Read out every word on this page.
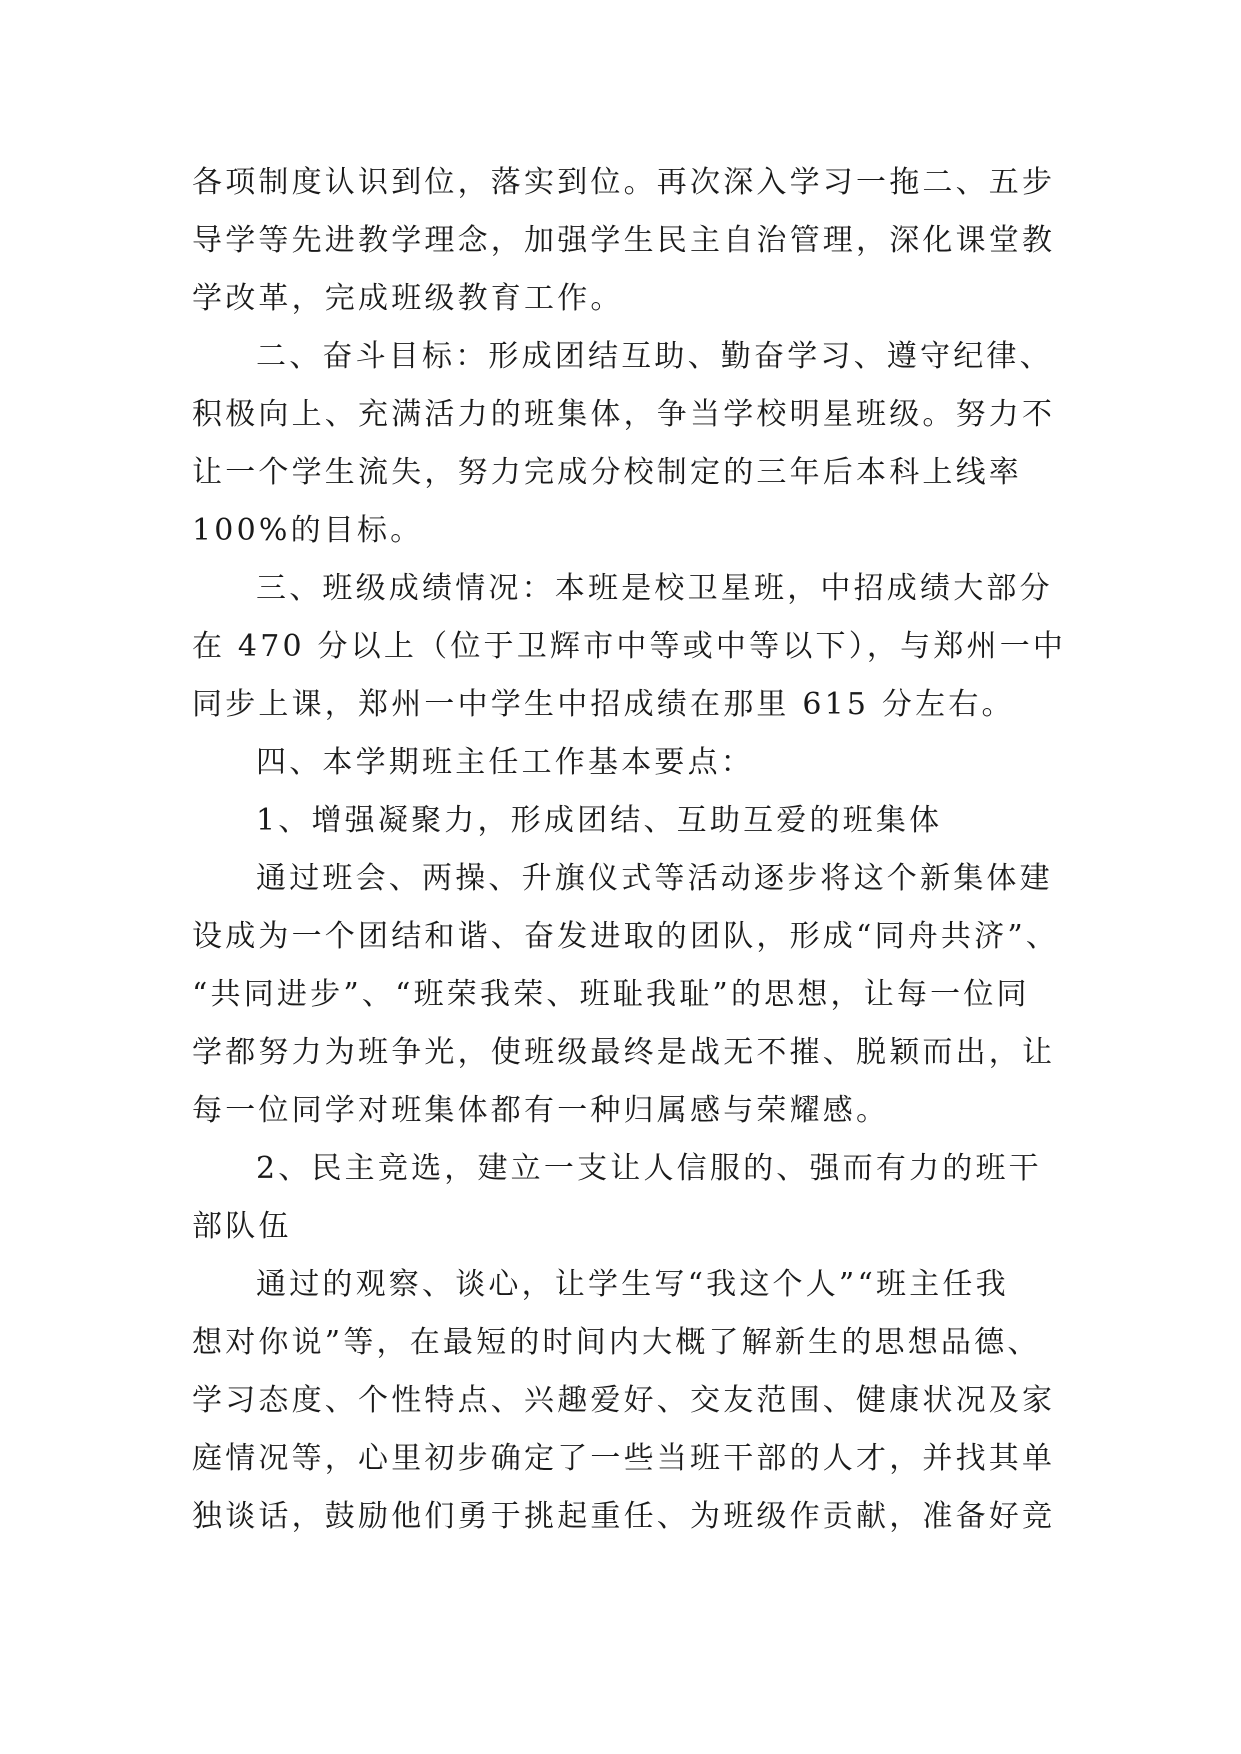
各项制度认识到位，落实到位。再次深入学习一拖二、五步
导学等先进教学理念，加强学生民主自治管理，深化课堂教
学改革，完成班级教育工作。
二、奋斗目标：形成团结互助、勤奋学习、遵守纪律、
积极向上、充满活力的班集体，争当学校明星班级。努力不
让一个学生流失，努力完成分校制定的三年后本科上线率
100%的目标。
三、班级成绩情况：本班是校卫星班，中招成绩大部分
在 470 分以上（位于卫辉市中等或中等以下），与郑州一中
同步上课，郑州一中学生中招成绩在那里 615 分左右。
四、本学期班主任工作基本要点：
1、增强凝聚力，形成团结、互助互爱的班集体
通过班会、两操、升旗仪式等活动逐步将这个新集体建
设成为一个团结和谐、奋发进取的团队，形成“同舟共济”、
“共同进步”、“班荣我荣、班耻我耻”的思想，让每一位同
学都努力为班争光，使班级最终是战无不摧、脱颖而出，让
每一位同学对班集体都有一种归属感与荣耀感。
2、民主竞选，建立一支让人信服的、强而有力的班干
部队伍
通过的观察、谈心，让学生写“我这个人”“班主任我
想对你说”等，在最短的时间内大概了解新生的思想品德、
学习态度、个性特点、兴趣爱好、交友范围、健康状况及家
庭情况等，心里初步确定了一些当班干部的人才，并找其单
独谈话，鼓励他们勇于挑起重任、为班级作贡献，准备好竞
